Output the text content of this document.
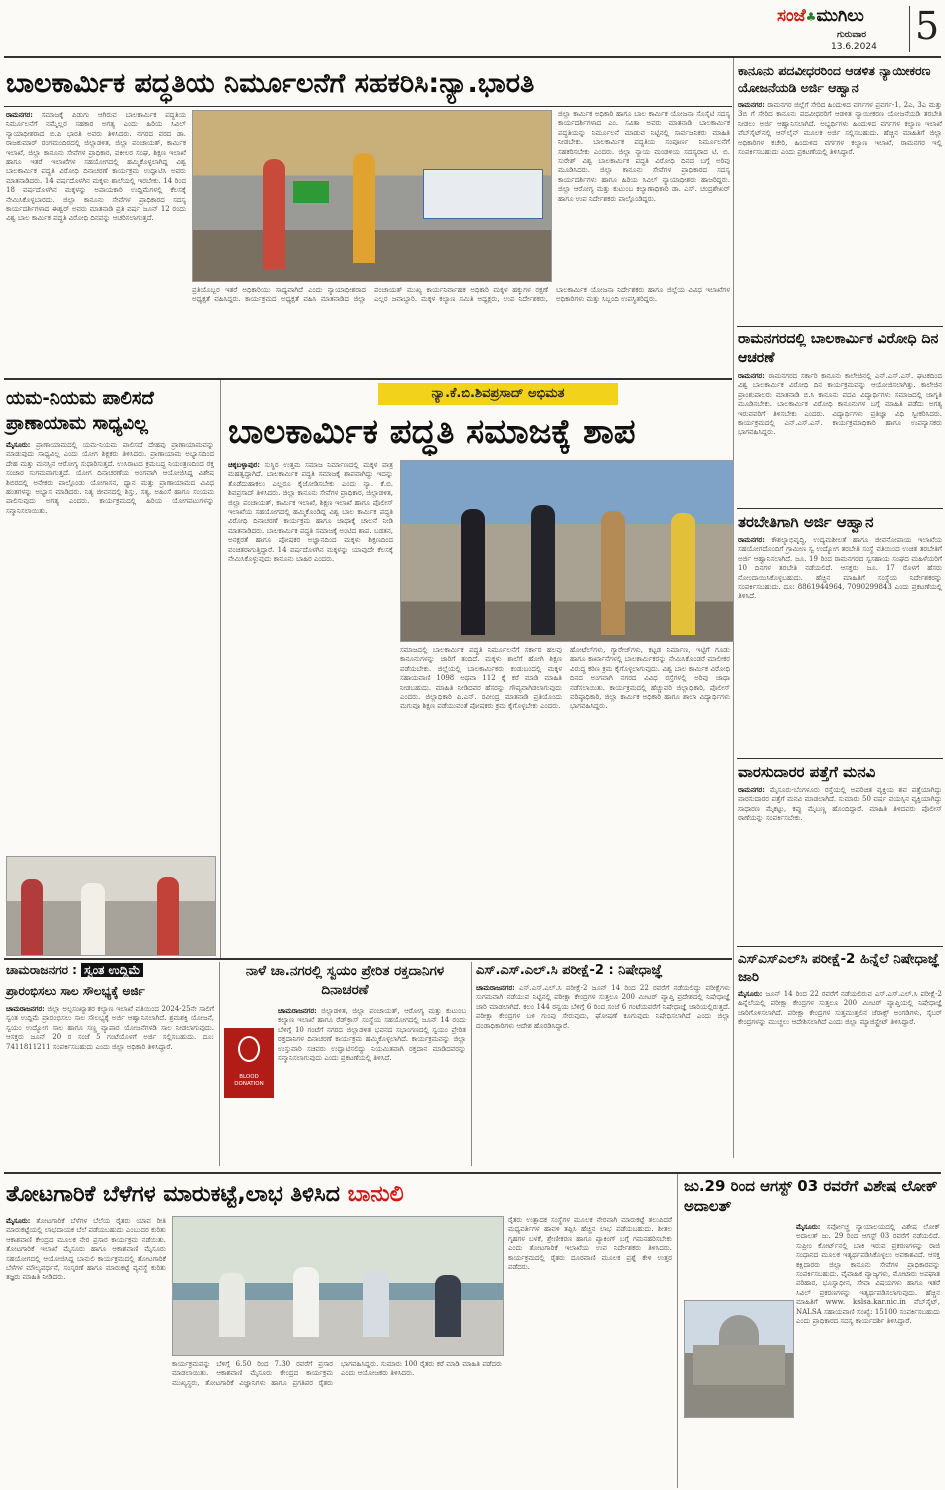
ಸಂಜೆ♣ಮುಗಿಲು
ಗುರುವಾರ
13.6.2024 5
ಬಾಲಕಾರ್ಮಿಕ ಪದ್ಧತಿಯ ನಿರ್ಮೂಲನೆಗೆ ಸಹಕರಿಸಿ:ನ್ಯಾ.ಭಾರತಿ
ರಾಮನಗರ: ಸಮಾಜಕ್ಕೆ ಪಿಡುಗು ಆಗಿರುವ ಬಾಲಕಾರ್ಮಿಕ ಪದ್ಧತಿಯ ನಿರ್ಮೂಲನೆಗೆ ನಮ್ಮೆಲ್ಲರ ಸಹಕಾರ ಅಗತ್ಯ ಎಂದು ಹಿರಿಯ ಸಿವಿಲ್ ನ್ಯಾಯಾಧೀಶರಾದ ಬಿ.ಪಿ ಭಾರತಿ ಅವರು ತಿಳಿಸಿದರು. ನಗರದ ವರದ ಡಾ. ರಾಜಕುಮಾರ್ ರಂಗಮಂದಿರದಲ್ಲಿ ಜಿಲ್ಲಾಡಳಿತ, ಜಿಲ್ಲಾ ಪಂಚಾಯತ್, ಕಾರ್ಮಿಕ ಇಲಾಖೆ, ಜಿಲ್ಲಾ ಕಾನೂನು ಸೇವೆಗಳ ಪ್ರಾಧಿಕಾರ, ವಕೀಲರ ಸಂಘ, ಶಿಕ್ಷಣ ಇಲಾಖೆ ಹಾಗೂ ಇತರೆ ಇಲಾಖೆಗಳ ಸಹಯೋಗದಲ್ಲಿ ಹಮ್ಮಿಕೊಳ್ಳಲಾಗಿದ್ದ ವಿಶ್ವ ಬಾಲಕಾರ್ಮಿಕ ಪದ್ಧತಿ ವಿರೋಧಿ ದಿನಾಚರಣೆ ಕಾರ್ಯಕ್ರಮ ಉದ್ಘಾಟಿಸಿ ಅವರು ಮಾತನಾಡಿದರು. 14 ವರ್ಷದೊಳಗಿನ ಮಕ್ಕಳು ಶಾಲೆಯಲ್ಲಿ ಇರಬೇಕು. 14 ರಿಂದ 18 ವರ್ಷದೊಳಗಿನ ಮಕ್ಕಳನ್ನು ಅಪಾಯಕಾರಿ ಉದ್ದಿಮೆಗಳಲ್ಲಿ ಕೆಲಸಕ್ಕೆ ನೇಮಿಸಿಕೊಳ್ಳಬಾರದು. ಜಿಲ್ಲಾ ಕಾನೂನು ಸೇವೆಗಳ ಪ್ರಾಧಿಕಾರದ ಸದಸ್ಯ ಕಾರ್ಯದರ್ಶಿಗಳಾದ ಈಶ್ವರ್ ಅವರು ಮಾತನಾಡಿ ಪ್ರತಿ ವರ್ಷ ಜೂನ್ 12 ರಂದು ವಿಶ್ವ ಬಾಲ ಕಾರ್ಮಿಕ ಪದ್ಧತಿ ವಿರೋಧಿ ದಿನವನ್ನು ಆಚರಿಸಲಾಗುತ್ತದೆ.
ಜಿಲ್ಲಾ ಕಾರ್ಮಿಕ ಅಧಿಕಾರಿ ಹಾಗೂ ಬಾಲ ಕಾರ್ಮಿಕ ಯೋಜನಾ ಸೊಸೈಟಿ ಸದಸ್ಯ ಕಾರ್ಯದರ್ಶಿಗಳಾದ ಎಂ. ಸವಿತಾ ಅವರು ಮಾತನಾಡಿ ಬಾಲಕಾರ್ಮಿಕ ಪದ್ಧತಿಯನ್ನು ನಿರ್ಮೂಲನೆ ಮಾಡುವ ನಿಟ್ಟಿನಲ್ಲಿ ಸಾರ್ವಜನಿಕರು ಮಾಹಿತಿ ನೀಡಬೇಕು. ಬಾಲಕಾರ್ಮಿಕ ಪದ್ಧತಿಯ ಸಂಪೂರ್ಣ ನಿರ್ಮೂಲನೆಗೆ ಸಹಕರಿಸಬೇಕು ಎಂದರು. ಜಿಲ್ಲಾ ನ್ಯಾಯ ಮಂಡಳಿಯ ಸದಸ್ಯರಾದ ಟಿ. ಬಿ. ಸುರೇಶ್ ವಿಶ್ವ ಬಾಲಕಾರ್ಮಿಕ ಪದ್ಧತಿ ವಿರೋಧಿ ದಿನದ ಬಗ್ಗೆ ಅರಿವು ಮೂಡಿಸಿದರು. ಜಿಲ್ಲಾ ಕಾನೂನು ಸೇವೆಗಳ ಪ್ರಾಧಿಕಾರದ ಸದಸ್ಯ ಕಾರ್ಯದರ್ಶಿಗಳು ಹಾಗೂ ಹಿರಿಯ ಸಿವಿಲ್ ನ್ಯಾಯಾಧೀಶರು ಹಾಜರಿದ್ದರು. ಜಿಲ್ಲಾ ಆರೋಗ್ಯ ಮತ್ತು ಕುಟುಂಬ ಕಲ್ಯಾಣಾಧಿಕಾರಿ ಡಾ. ಎಸ್. ಚಂದ್ರಶೇಖರ್ ಹಾಗೂ ಉಪ ನಿರ್ದೇಶಕರು ಪಾಲ್ಗೊಂಡಿದ್ದರು.
ಪ್ರತಿಯೊಬ್ಬರ ಇತರೆ ಅಧಿಕಾರಿಯು ಸಾಧ್ಯವಾಗಿದೆ ಎಂದು ನ್ಯಾಯಾಧೀಶರಾದ ಅಧ್ಯಕ್ಷತೆ ವಹಿಸಿದ್ದರು. ಕಾರ್ಯಕ್ರಮದ ಅಧ್ಯಕ್ಷತೆ ವಹಿಸಿ ಮಾತನಾಡಿದ ಜಿಲ್ಲಾ ಪಂಚಾಯತ್ ಮುಖ್ಯ ಕಾರ್ಯನಿರ್ವಾಹಕ ಅಧಿಕಾರಿ ಮಕ್ಕಳ ಹಕ್ಕುಗಳ ರಕ್ಷಣೆ ಎಲ್ಲರ ಜವಾಬ್ದಾರಿ. ಮಕ್ಕಳ ಕಲ್ಯಾಣ ಸಮಿತಿ ಅಧ್ಯಕ್ಷರು, ಉಪ ನಿರ್ದೇಶಕರು, ಬಾಲಕಾರ್ಮಿಕ ಯೋಜನಾ ನಿರ್ದೇಶಕರು ಹಾಗೂ ಜಿಲ್ಲೆಯ ವಿವಿಧ ಇಲಾಖೆಗಳ ಅಧಿಕಾರಿಗಳು ಮತ್ತು ಸಿಬ್ಬಂದಿ ಉಪಸ್ಥಿತರಿದ್ದರು.
ಕಾನೂನು ಪದವೀಧರರಿಂದ ಆಡಳಿತ ನ್ಯಾಯೀಕರಣ ಯೋಜನೆಯಡಿ ಅರ್ಜಿ ಆಹ್ವಾನ
ರಾಮನಗರ: ರಾಮನಗರ ಜಿಲ್ಲೆಗೆ ಸೇರಿದ ಹಿಂದುಳಿದ ವರ್ಗಗಳ ಪ್ರವರ್ಗ-1, 2ಎ, 3ಎ ಮತ್ತು 3ಬಿ ಗೆ ಸೇರಿದ ಕಾನೂನು ಪದವೀಧರರಿಗೆ ಆಡಳಿತ ನ್ಯಾಯೀಕರಣ ಯೋಜನೆಯಡಿ ತರಬೇತಿ ನೀಡಲು ಅರ್ಜಿ ಆಹ್ವಾನಿಸಲಾಗಿದೆ. ಅಭ್ಯರ್ಥಿಗಳು ಹಿಂದುಳಿದ ವರ್ಗಗಳ ಕಲ್ಯಾಣ ಇಲಾಖೆ ವೆಬ್‌ಸೈಟ್‌ನಲ್ಲಿ ಆನ್‌ಲೈನ್ ಮೂಲಕ ಅರ್ಜಿ ಸಲ್ಲಿಸಬಹುದು. ಹೆಚ್ಚಿನ ಮಾಹಿತಿಗೆ ಜಿಲ್ಲಾ ಅಧಿಕಾರಿಗಳ ಕಚೇರಿ, ಹಿಂದುಳಿದ ವರ್ಗಗಳ ಕಲ್ಯಾಣ ಇಲಾಖೆ, ರಾಮನಗರ ಇಲ್ಲಿ ಸಂಪರ್ಕಿಸಬಹುದು ಎಂದು ಪ್ರಕಟಣೆಯಲ್ಲಿ ತಿಳಿಸಿದ್ದಾರೆ.
ರಾಮನಗರದಲ್ಲಿ ಬಾಲಕಾರ್ಮಿಕ ವಿರೋಧಿ ದಿನ ಆಚರಣೆ
ರಾಮನಗರ: ರಾಮನಗರದ ಸರ್ಕಾರಿ ಕಾನೂನು ಕಾಲೇಜಿನಲ್ಲಿ ಎನ್.ಎಸ್.ಎಸ್. ಘಟಕದಿಂದ ವಿಶ್ವ ಬಾಲಕಾರ್ಮಿಕ ವಿರೋಧಿ ದಿನ ಕಾರ್ಯಕ್ರಮವನ್ನು ಆಯೋಜಿಸಲಾಗಿತ್ತು. ಕಾಲೇಜಿನ ಪ್ರಾಂಶುಪಾಲರು ಮಾತನಾಡಿ ಬಿ.ಸಿ ಕಾನೂನು ಪದವಿ ವಿದ್ಯಾರ್ಥಿಗಳು ಸಮಾಜದಲ್ಲಿ ಜಾಗೃತಿ ಮೂಡಿಸಬೇಕು. ಬಾಲಕಾರ್ಮಿಕ ವಿರೋಧಿ ಕಾನೂನುಗಳ ಬಗ್ಗೆ ಮಾಹಿತಿ ಪಡೆದು ಅಗತ್ಯ ಇರುವವರಿಗೆ ತಿಳಿಸಬೇಕು ಎಂದರು. ವಿದ್ಯಾರ್ಥಿಗಳು ಪ್ರತಿಜ್ಞಾ ವಿಧಿ ಸ್ವೀಕರಿಸಿದರು. ಕಾರ್ಯಕ್ರಮದಲ್ಲಿ ಎನ್.ಎಸ್.ಎಸ್. ಕಾರ್ಯಕ್ರಮಾಧಿಕಾರಿ ಹಾಗೂ ಉಪನ್ಯಾಸಕರು ಭಾಗವಹಿಸಿದ್ದರು.
ತರಬೇತಿಗಾಗಿ ಅರ್ಜಿ ಆಹ್ವಾನ
ರಾಮನಗರ: ಕೌಶಲ್ಯಾಭಿವೃದ್ಧಿ, ಉದ್ಯಮಶೀಲತೆ ಹಾಗೂ ಜೀವನೋಪಾಯ ಇಲಾಖೆಯ ಸಹಯೋಗದೊಂದಿಗೆ ಗ್ರಾಮೀಣ ಸ್ವ ಉದ್ಯೋಗ ತರಬೇತಿ ಸಂಸ್ಥೆ ವತಿಯಿಂದ ಉಚಿತ ತರಬೇತಿಗೆ ಅರ್ಜಿ ಆಹ್ವಾನಿಸಲಾಗಿದೆ. ಜೂ. 19 ರಿಂದ ರಾಮನಗರದ ಸ್ವಸಹಾಯ ಸಂಘದ ಮಹಿಳೆಯರಿಗೆ 10 ದಿನಗಳ ತರಬೇತಿ ನಡೆಯಲಿದೆ. ಆಸಕ್ತರು ಜೂ. 17 ರೊಳಗೆ ಹೆಸರು ನೋಂದಾಯಿಸಿಕೊಳ್ಳಬಹುದು. ಹೆಚ್ಚಿನ ಮಾಹಿತಿಗೆ ಸಂಸ್ಥೆಯ ನಿರ್ದೇಶಕರನ್ನು ಸಂಪರ್ಕಿಸಬಹುದು. ದೂ: 8861944964, 7090299843 ಎಂದು ಪ್ರಕಟಣೆಯಲ್ಲಿ ತಿಳಿಸಿದೆ.
ವಾರಸುದಾರರ ಪತ್ತೆಗೆ ಮನವಿ
ರಾಮನಗರ: ಮೈಸೂರು-ಬೆಂಗಳೂರು ರಸ್ತೆಯಲ್ಲಿ ಅಪರಿಚಿತ ವ್ಯಕ್ತಿಯ ಶವ ಪತ್ತೆಯಾಗಿದ್ದು ವಾರಸುದಾರರ ಪತ್ತೆಗೆ ಮನವಿ ಮಾಡಲಾಗಿದೆ. ಸುಮಾರು 50 ವರ್ಷ ವಯಸ್ಸಿನ ವ್ಯಕ್ತಿಯಾಗಿದ್ದು ಸಾಧಾರಣ ಮೈಕಟ್ಟು, ಕಪ್ಪು ಮೈಬಣ್ಣ ಹೊಂದಿದ್ದಾರೆ. ಮಾಹಿತಿ ತಿಳಿದವರು ಪೊಲೀಸ್ ಠಾಣೆಯನ್ನು ಸಂಪರ್ಕಿಸಬೇಕು.
ಎಸ್‌ಎಸ್‌ಎಲ್‌ಸಿ ಪರೀಕ್ಷೆ-2 ಹಿನ್ನೆಲೆ ನಿಷೇಧಾಜ್ಞೆ ಜಾರಿ
ಮೈಸೂರು: ಜೂನ್ 14 ರಿಂದ 22 ರವರೆಗೆ ನಡೆಯಲಿರುವ ಎಸ್.ಎಸ್.ಎಲ್.ಸಿ ಪರೀಕ್ಷೆ-2 ಹಿನ್ನೆಲೆಯಲ್ಲಿ ಪರೀಕ್ಷಾ ಕೇಂದ್ರಗಳ ಸುತ್ತಲೂ 200 ಮೀಟರ್ ವ್ಯಾಪ್ತಿಯಲ್ಲಿ ನಿಷೇಧಾಜ್ಞೆ ಜಾರಿಗೊಳಿಸಲಾಗಿದೆ. ಪರೀಕ್ಷಾ ಕೇಂದ್ರಗಳ ಸುತ್ತಮುತ್ತಲಿನ ಜೆರಾಕ್ಸ್ ಅಂಗಡಿಗಳು, ಸೈಬರ್ ಕೇಂದ್ರಗಳನ್ನು ಮುಚ್ಚಲು ಆದೇಶಿಸಲಾಗಿದೆ ಎಂದು ಜಿಲ್ಲಾ ಮ್ಯಾಜಿಸ್ಟ್ರೇಟ್ ತಿಳಿಸಿದ್ದಾರೆ.
ಯಮ-ನಿಯಮ ಪಾಲಿಸದೆ ಪ್ರಾಣಾಯಾಮ ಸಾಧ್ಯವಿಲ್ಲ
ಮೈಸೂರು: ಪ್ರಾಣಾಯಾಮದಲ್ಲಿ ಯಮ-ನಿಯಮ ಪಾಲಿಸದೆ ದೇಹವು ಪ್ರಾಣಾಯಾಮವನ್ನು ಮಾಡುವುದು ಸಾಧ್ಯವಿಲ್ಲ ಎಂದು ಯೋಗ ಶಿಕ್ಷಕರು ತಿಳಿಸಿದರು. ಪ್ರಾಣಾಯಾಮ ಅಭ್ಯಾಸದಿಂದ ದೇಹ ಮತ್ತು ಮನಸ್ಸಿನ ಆರೋಗ್ಯ ಸುಧಾರಿಸುತ್ತದೆ. ಉಸಿರಾಟದ ಕ್ರಮಬದ್ಧ ನಿಯಂತ್ರಣದಿಂದ ರಕ್ತ ಸಂಚಾರ ಸುಗಮವಾಗುತ್ತದೆ. ಯೋಗ ದಿನಾಚರಣೆಯ ಅಂಗವಾಗಿ ಆಯೋಜಿಸಿದ್ದ ವಿಶೇಷ ಶಿಬಿರದಲ್ಲಿ ಅನೇಕರು ಪಾಲ್ಗೊಂಡು ಯೋಗಾಸನ, ಧ್ಯಾನ ಮತ್ತು ಪ್ರಾಣಾಯಾಮದ ವಿವಿಧ ಹಂತಗಳನ್ನು ಅಭ್ಯಾಸ ಮಾಡಿದರು. ನಿತ್ಯ ಜೀವನದಲ್ಲಿ ಶಿಸ್ತು, ಸತ್ಯ, ಅಹಿಂಸೆ ಹಾಗೂ ಸಂಯಮ ಪಾಲಿಸುವುದು ಅಗತ್ಯ ಎಂದರು. ಕಾರ್ಯಕ್ರಮದಲ್ಲಿ ಹಿರಿಯ ಯೋಗಪಟುಗಳನ್ನು ಸನ್ಮಾನಿಸಲಾಯಿತು.
ನ್ಯಾ.ಕೆ.ಬಿ.ಶಿವಪ್ರಸಾದ್ ಅಭಿಮತ
ಬಾಲಕಾರ್ಮಿಕ ಪದ್ಧತಿ ಸಮಾಜಕ್ಕೆ ಶಾಪ
ಚಿಕ್ಕಬಳ್ಳಾಪುರ: ಸುಸ್ಥಿರ ಉತ್ತಮ ಸಮಾಜ ನಿರ್ಮಾಣದಲ್ಲಿ ಮಕ್ಕಳ ಪಾತ್ರ ಮಹತ್ವದ್ದಾಗಿದೆ. ಬಾಲಕಾರ್ಮಿಕ ಪದ್ಧತಿ ಸಮಾಜಕ್ಕೆ ಶಾಪವಾಗಿದ್ದು ಇದನ್ನು ತೊಡೆದುಹಾಕಲು ಎಲ್ಲರೂ ಕೈಜೋಡಿಸಬೇಕು ಎಂದು ನ್ಯಾ. ಕೆ.ಬಿ. ಶಿವಪ್ರಸಾದ್ ತಿಳಿಸಿದರು. ಜಿಲ್ಲಾ ಕಾನೂನು ಸೇವೆಗಳ ಪ್ರಾಧಿಕಾರ, ಜಿಲ್ಲಾಡಳಿತ, ಜಿಲ್ಲಾ ಪಂಚಾಯತ್, ಕಾರ್ಮಿಕ ಇಲಾಖೆ, ಶಿಕ್ಷಣ ಇಲಾಖೆ ಹಾಗೂ ಪೊಲೀಸ್ ಇಲಾಖೆಯ ಸಹಯೋಗದಲ್ಲಿ ಹಮ್ಮಿಕೊಂಡಿದ್ದ ವಿಶ್ವ ಬಾಲ ಕಾರ್ಮಿಕ ಪದ್ಧತಿ ವಿರೋಧಿ ದಿನಾಚರಣೆ ಕಾರ್ಯಕ್ರಮ ಹಾಗೂ ಜಾಥಾಕ್ಕೆ ಚಾಲನೆ ನೀಡಿ ಮಾತನಾಡಿದರು. ಬಾಲಕಾರ್ಮಿಕ ಪದ್ಧತಿ ಸಮಾಜಕ್ಕೆ ಅಂಟಿದ ಶಾಪ. ಬಡತನ, ಅನಕ್ಷರತೆ ಹಾಗೂ ಪೋಷಕರ ಅಜ್ಞಾನದಿಂದ ಮಕ್ಕಳು ಶಿಕ್ಷಣದಿಂದ ವಂಚಿತರಾಗುತ್ತಿದ್ದಾರೆ. 14 ವರ್ಷದೊಳಗಿನ ಮಕ್ಕಳನ್ನು ಯಾವುದೇ ಕೆಲಸಕ್ಕೆ ನೇಮಿಸಿಕೊಳ್ಳುವುದು ಕಾನೂನು ಬಾಹಿರ ಎಂದರು.
ಸಮಾಜದಲ್ಲಿ ಬಾಲಕಾರ್ಮಿಕ ಪದ್ಧತಿ ನಿರ್ಮೂಲನೆಗೆ ಸರ್ಕಾರ ಹಲವು ಕಾನೂನುಗಳನ್ನು ಜಾರಿಗೆ ತಂದಿದೆ. ಮಕ್ಕಳು ಶಾಲೆಗೆ ಹೋಗಿ ಶಿಕ್ಷಣ ಪಡೆಯಬೇಕು. ಜಿಲ್ಲೆಯಲ್ಲಿ ಬಾಲಕಾರ್ಮಿಕರು ಕಂಡುಬಂದಲ್ಲಿ ಮಕ್ಕಳ ಸಹಾಯವಾಣಿ 1098 ಅಥವಾ 112 ಕ್ಕೆ ಕರೆ ಮಾಡಿ ಮಾಹಿತಿ ನೀಡಬಹುದು. ಮಾಹಿತಿ ನೀಡಿದವರ ಹೆಸರನ್ನು ಗೌಪ್ಯವಾಗಿಡಲಾಗುವುದು ಎಂದರು. ಜಿಲ್ಲಾಧಿಕಾರಿ ಪಿ.ಎನ್. ರವೀಂದ್ರ ಮಾತನಾಡಿ ಪ್ರತಿಯೊಂದು ಮಗುವೂ ಶಿಕ್ಷಣ ಪಡೆಯುವಂತೆ ಪೋಷಕರು ಕ್ರಮ ಕೈಗೊಳ್ಳಬೇಕು ಎಂದರು.
ಹೋಟೆಲ್‌ಗಳು, ಗ್ಯಾರೇಜ್‌ಗಳು, ಕಟ್ಟಡ ನಿರ್ಮಾಣ, ಇಟ್ಟಿಗೆ ಗೂಡು ಹಾಗೂ ಕಾರ್ಖಾನೆಗಳಲ್ಲಿ ಬಾಲಕಾರ್ಮಿಕರನ್ನು ನೇಮಿಸಿಕೊಂಡರೆ ಮಾಲೀಕರ ವಿರುದ್ಧ ಕಠಿಣ ಕ್ರಮ ಕೈಗೊಳ್ಳಲಾಗುವುದು. ವಿಶ್ವ ಬಾಲ ಕಾರ್ಮಿಕ ವಿರೋಧಿ ದಿನದ ಅಂಗವಾಗಿ ನಗರದ ವಿವಿಧ ರಸ್ತೆಗಳಲ್ಲಿ ಅರಿವು ಜಾಥಾ ನಡೆಸಲಾಯಿತು. ಕಾರ್ಯಕ್ರಮದಲ್ಲಿ ಹೆಚ್ಚುವರಿ ಜಿಲ್ಲಾಧಿಕಾರಿ, ಪೊಲೀಸ್ ವರಿಷ್ಠಾಧಿಕಾರಿ, ಜಿಲ್ಲಾ ಕಾರ್ಮಿಕ ಅಧಿಕಾರಿ ಹಾಗೂ ಶಾಲಾ ವಿದ್ಯಾರ್ಥಿಗಳು ಭಾಗವಹಿಸಿದ್ದರು.
ಚಾಮರಾಜನಗರ : ಸ್ವಂತ ಉದ್ದಿಮೆ
ಪ್ರಾರಂಭಿಸಲು ಸಾಲ ಸೌಲಭ್ಯಕ್ಕೆ ಅರ್ಜಿ
ಚಾಮರಾಜನಗರ: ಜಿಲ್ಲಾ ಅಲ್ಪಸಂಖ್ಯಾತರ ಕಲ್ಯಾಣ ಇಲಾಖೆ ವತಿಯಿಂದ 2024-25ನೇ ಸಾಲಿಗೆ ಸ್ವಂತ ಉದ್ದಿಮೆ ಪ್ರಾರಂಭಿಸಲು ಸಾಲ ಸೌಲಭ್ಯಕ್ಕೆ ಅರ್ಜಿ ಆಹ್ವಾನಿಸಲಾಗಿದೆ. ಶ್ರಮಶಕ್ತಿ ಯೋಜನೆ, ಸ್ವಯಂ ಉದ್ಯೋಗ ಸಾಲ ಹಾಗೂ ಸಣ್ಣ ವ್ಯಾಪಾರ ಯೋಜನೆಗಳಡಿ ಸಾಲ ನೀಡಲಾಗುವುದು. ಆಸಕ್ತರು ಜೂನ್ 20 ರ ಸಂಜೆ 5 ಗಂಟೆಯೊಳಗೆ ಅರ್ಜಿ ಸಲ್ಲಿಸಬಹುದು. ದೂ: 7411811211 ಸಂಪರ್ಕಿಸಬಹುದು ಎಂದು ಜಿಲ್ಲಾ ಅಧಿಕಾರಿ ತಿಳಿಸಿದ್ದಾರೆ.
ನಾಳೆ ಚಾ.ನಗರಲ್ಲಿ ಸ್ವಯಂ ಪ್ರೇರಿತ ರಕ್ತದಾನಿಗಳ ದಿನಾಚರಣೆ
BLOOD DONATION
ಚಾಮರಾಜನಗರ: ಜಿಲ್ಲಾಡಳಿತ, ಜಿಲ್ಲಾ ಪಂಚಾಯತ್, ಆರೋಗ್ಯ ಮತ್ತು ಕುಟುಂಬ ಕಲ್ಯಾಣ ಇಲಾಖೆ ಹಾಗೂ ರೆಡ್‌ಕ್ರಾಸ್ ಸಂಸ್ಥೆಯ ಸಹಯೋಗದಲ್ಲಿ ಜೂನ್ 14 ರಂದು ಬೆಳಿಗ್ಗೆ 10 ಗಂಟೆಗೆ ನಗರದ ಜಿಲ್ಲಾಡಳಿತ ಭವನದ ಸಭಾಂಗಣದಲ್ಲಿ ಸ್ವಯಂ ಪ್ರೇರಿತ ರಕ್ತದಾನಿಗಳ ದಿನಾಚರಣೆ ಕಾರ್ಯಕ್ರಮ ಹಮ್ಮಿಕೊಳ್ಳಲಾಗಿದೆ. ಕಾರ್ಯಕ್ರಮವನ್ನು ಜಿಲ್ಲಾ ಉಸ್ತುವಾರಿ ಸಚಿವರು ಉದ್ಘಾಟಿಸಲಿದ್ದು ನಿಯಮಿತವಾಗಿ ರಕ್ತದಾನ ಮಾಡಿದವರನ್ನು ಸನ್ಮಾನಿಸಲಾಗುವುದು ಎಂದು ಪ್ರಕಟಣೆಯಲ್ಲಿ ತಿಳಿಸಿದೆ.
ಎಸ್.ಎಸ್.ಎಲ್.ಸಿ ಪರೀಕ್ಷೆ-2 : ನಿಷೇಧಾಜ್ಞೆ
ಚಾಮರಾಜನಗರ: ಎಸ್.ಎಸ್.ಎಲ್.ಸಿ ಪರೀಕ್ಷೆ-2 ಜೂನ್ 14 ರಿಂದ 22 ರವರೆಗೆ ನಡೆಯಲಿದ್ದು ಪರೀಕ್ಷೆಗಳು ಸುಗಮವಾಗಿ ನಡೆಯುವ ನಿಟ್ಟಿನಲ್ಲಿ ಪರೀಕ್ಷಾ ಕೇಂದ್ರಗಳ ಸುತ್ತಲೂ 200 ಮೀಟರ್ ವ್ಯಾಪ್ತಿ ಪ್ರದೇಶದಲ್ಲಿ ನಿಷೇಧಾಜ್ಞೆ ಜಾರಿ ಮಾಡಲಾಗಿದೆ. ಕಲಂ 144 ರನ್ವಯ ಬೆಳಿಗ್ಗೆ 6 ರಿಂದ ಸಂಜೆ 6 ಗಂಟೆಯವರೆಗೆ ನಿಷೇಧಾಜ್ಞೆ ಜಾರಿಯಲ್ಲಿರುತ್ತದೆ. ಪರೀಕ್ಷಾ ಕೇಂದ್ರಗಳ ಬಳಿ ಗುಂಪು ಸೇರುವುದು, ಘೋಷಣೆ ಕೂಗುವುದು ನಿಷೇಧಿಸಲಾಗಿದೆ ಎಂದು ಜಿಲ್ಲಾ ದಂಡಾಧಿಕಾರಿಗಳು ಆದೇಶ ಹೊರಡಿಸಿದ್ದಾರೆ.
ತೋಟಗಾರಿಕೆ ಬೆಳೆಗಳ ಮಾರುಕಟ್ಟೆ,ಲಾಭ ತಿಳಿಸಿದ ಬಾನುಲಿ
ಮೈಸೂರು: ತೋಟಗಾರಿಕೆ ಬೆಳೆಗಳ ಬೆಲೆಯ ರೈತರು ಯಾವ ರೀತಿ ಮಾರುಕಟ್ಟೆಯಲ್ಲಿ ಲಾಭದಾಯಕ ಬೆಲೆ ಪಡೆಯಬಹುದು ಎಂಬುದರ ಕುರಿತು ಆಕಾಶವಾಣಿ ಕೇಂದ್ರದ ಮೂಲಕ ನೇರ ಪ್ರಸಾರ ಕಾರ್ಯಕ್ರಮ ನಡೆಯಿತು. ತೋಟಗಾರಿಕೆ ಇಲಾಖೆ ಮೈಸೂರು ಹಾಗೂ ಆಕಾಶವಾಣಿ ಮೈಸೂರು ಸಹಯೋಗದಲ್ಲಿ ಆಯೋಜಿಸಿದ್ದ ಬಾನುಲಿ ಕಾರ್ಯಕ್ರಮದಲ್ಲಿ ತೋಟಗಾರಿಕೆ ಬೆಳೆಗಳ ಮೌಲ್ಯವರ್ಧನೆ, ಸಂಸ್ಕರಣೆ ಹಾಗೂ ಮಾರುಕಟ್ಟೆ ವ್ಯವಸ್ಥೆ ಕುರಿತು ತಜ್ಞರು ಮಾಹಿತಿ ನೀಡಿದರು.
ರೈತರು ಉತ್ಪಾದಕ ಸಂಸ್ಥೆಗಳ ಮೂಲಕ ನೇರವಾಗಿ ಮಾರುಕಟ್ಟೆ ತಲುಪಿದರೆ ಮಧ್ಯವರ್ತಿಗಳ ಹಾವಳಿ ತಪ್ಪಿಸಿ ಹೆಚ್ಚಿನ ಲಾಭ ಪಡೆಯಬಹುದು. ಶೀತಲ ಗೃಹಗಳ ಬಳಕೆ, ಶ್ರೇಣೀಕರಣ ಹಾಗೂ ಪ್ಯಾಕಿಂಗ್ ಬಗ್ಗೆ ಗಮನಹರಿಸಬೇಕು ಎಂದು ತೋಟಗಾರಿಕೆ ಇಲಾಖೆಯ ಉಪ ನಿರ್ದೇಶಕರು ತಿಳಿಸಿದರು. ಕಾರ್ಯಕ್ರಮದಲ್ಲಿ ರೈತರು ದೂರವಾಣಿ ಮೂಲಕ ಪ್ರಶ್ನೆ ಕೇಳಿ ಉತ್ತರ ಪಡೆದರು.
ಕಾರ್ಯಕ್ರಮವನ್ನು ಬೆಳಿಗ್ಗೆ 6.50 ರಿಂದ 7.30 ರವರೆಗೆ ಪ್ರಸಾರ ಮಾಡಲಾಯಿತು. ಆಕಾಶವಾಣಿ ಮೈಸೂರು ಕೇಂದ್ರದ ಕಾರ್ಯಕ್ರಮ ಮುಖ್ಯಸ್ಥರು, ತೋಟಗಾರಿಕೆ ವಿಜ್ಞಾನಿಗಳು ಹಾಗೂ ಪ್ರಗತಿಪರ ರೈತರು ಭಾಗವಹಿಸಿದ್ದರು. ಸುಮಾರು 100 ರೈತರು ಕರೆ ಮಾಡಿ ಮಾಹಿತಿ ಪಡೆದರು ಎಂದು ಆಯೋಜಕರು ತಿಳಿಸಿದರು.
ಜು.29 ರಿಂದ ಆಗಸ್ಟ್ 03 ರವರೆಗೆ ವಿಶೇಷ ಲೋಕ್ ಅದಾಲತ್
ಮೈಸೂರು: ಸರ್ವೋಚ್ಚ ನ್ಯಾಯಾಲಯದಲ್ಲಿ ವಿಶೇಷ ಲೋಕ್ ಅದಾಲತ್ ಜು. 29 ರಿಂದ ಆಗಸ್ಟ್ 03 ರವರೆಗೆ ನಡೆಯಲಿದೆ. ಸುಪ್ರೀಂ ಕೋರ್ಟ್‌ನಲ್ಲಿ ಬಾಕಿ ಇರುವ ಪ್ರಕರಣಗಳನ್ನು ರಾಜಿ ಸಂಧಾನದ ಮೂಲಕ ಇತ್ಯರ್ಥಪಡಿಸಿಕೊಳ್ಳಲು ಅವಕಾಶವಿದೆ. ಆಸಕ್ತ ಕಕ್ಷಿದಾರರು ಜಿಲ್ಲಾ ಕಾನೂನು ಸೇವೆಗಳ ಪ್ರಾಧಿಕಾರವನ್ನು ಸಂಪರ್ಕಿಸಬಹುದು. ವೈವಾಹಿಕ ವ್ಯಾಜ್ಯಗಳು, ಮೋಟಾರು ಅಪಘಾತ ಪರಿಹಾರ, ಭೂಸ್ವಾಧೀನ, ಸೇವಾ ವಿಷಯಗಳು ಹಾಗೂ ಇತರೆ ಸಿವಿಲ್ ಪ್ರಕರಣಗಳನ್ನು ಇತ್ಯರ್ಥಪಡಿಸಲಾಗುವುದು. ಹೆಚ್ಚಿನ ಮಾಹಿತಿಗೆ www. kslsa.kar.nic.in ವೆಬ್‌ಸೈಟ್, NALSA ಸಹಾಯವಾಣಿ ಸಂಖ್ಯೆ: 15100 ಸಂಪರ್ಕಿಸಬಹುದು ಎಂದು ಪ್ರಾಧಿಕಾರದ ಸದಸ್ಯ ಕಾರ್ಯದರ್ಶಿ ತಿಳಿಸಿದ್ದಾರೆ.
